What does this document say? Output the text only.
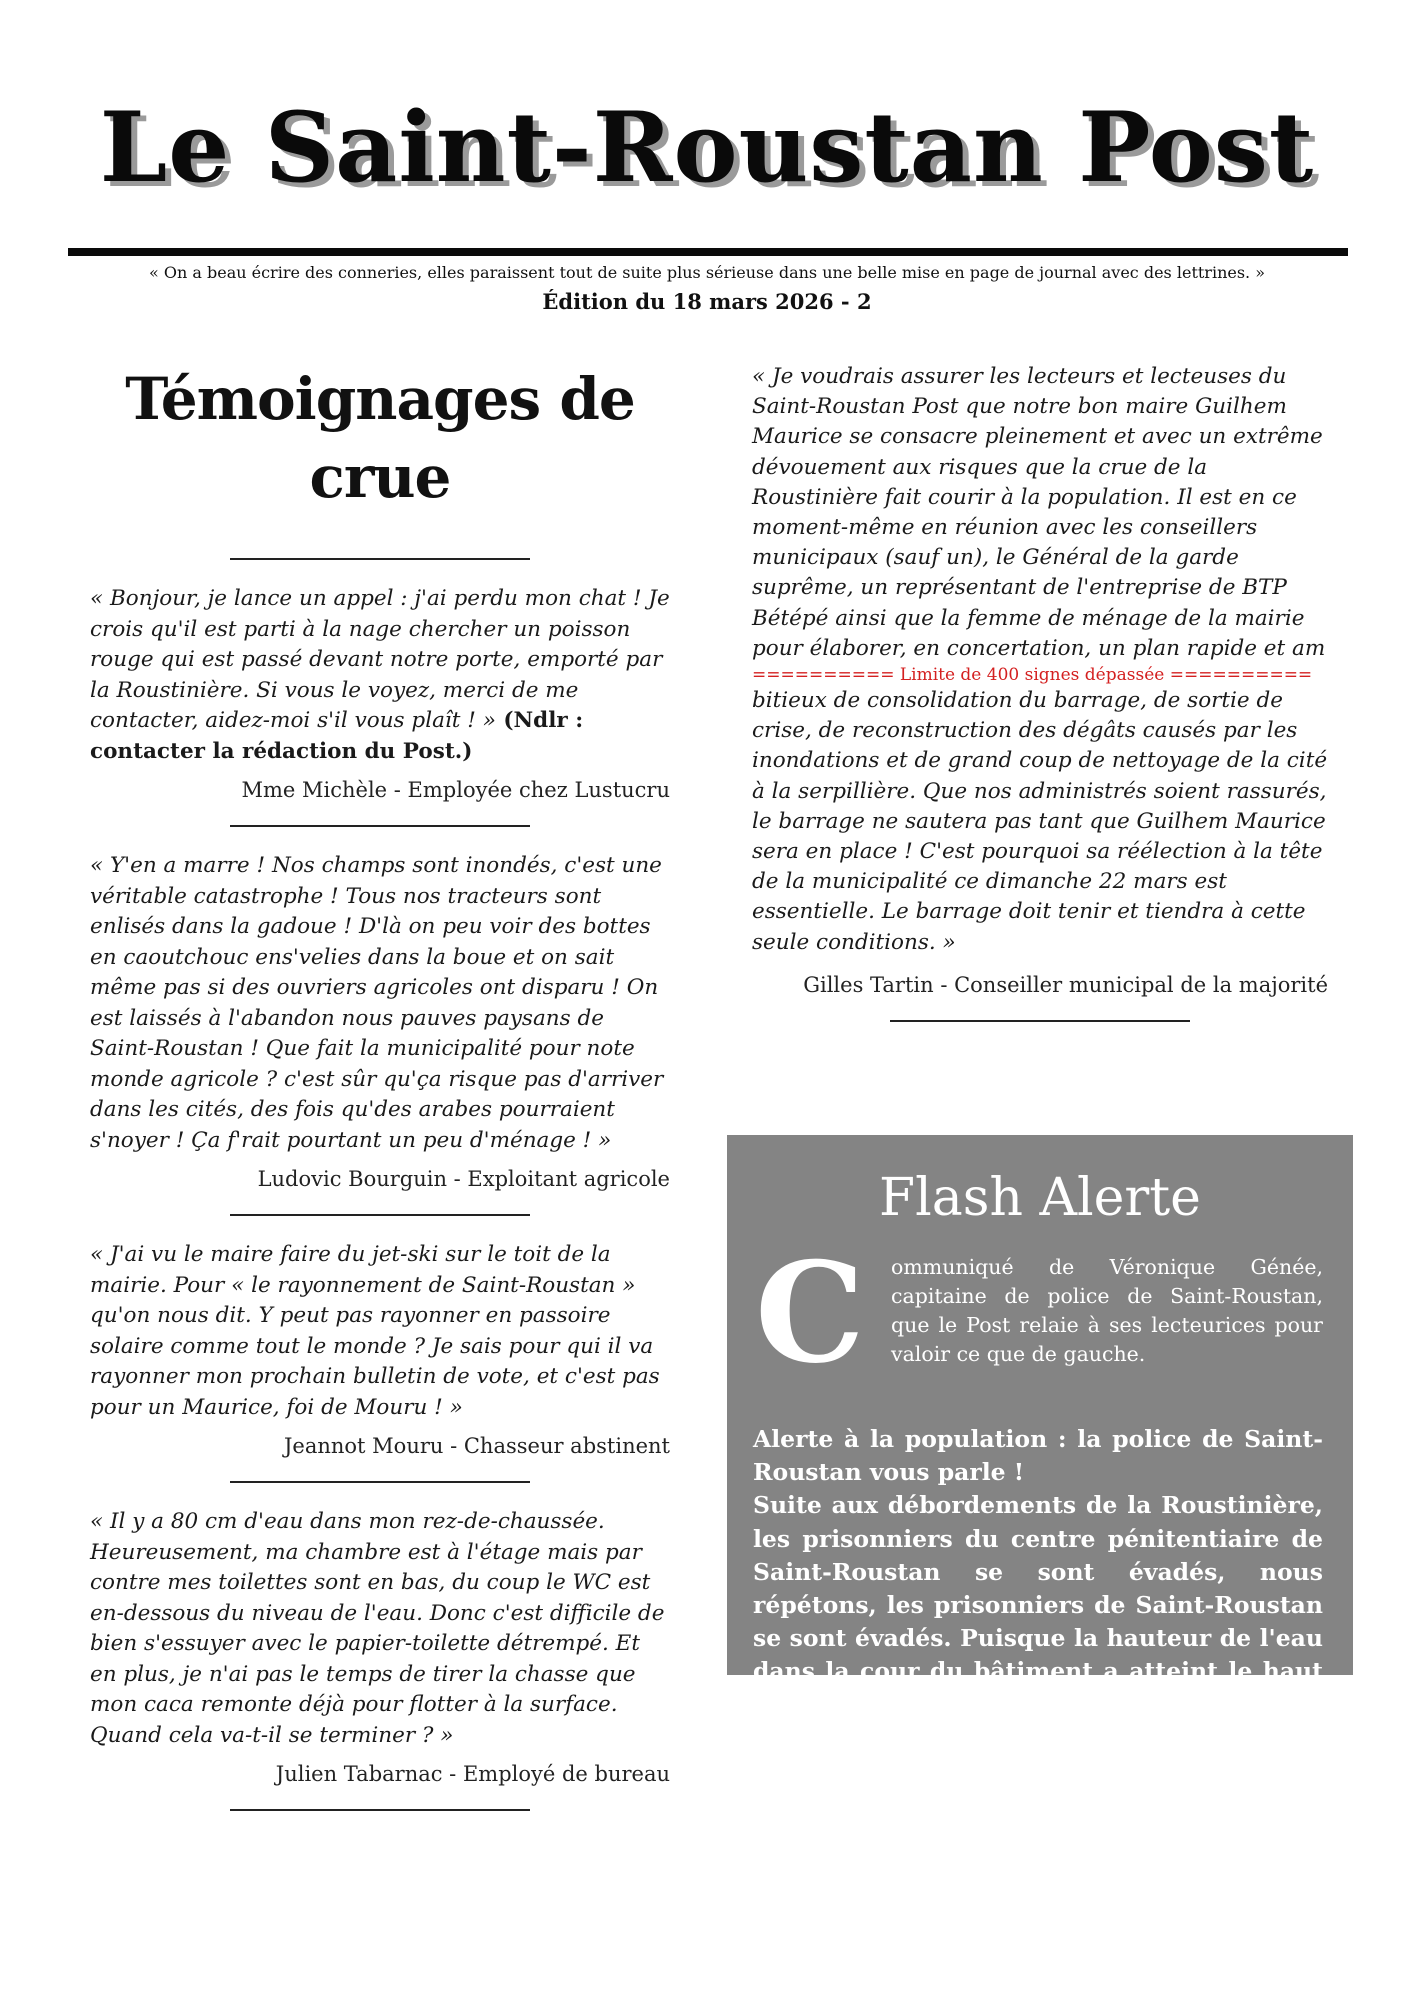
Le Saint-Roustan Post
« On a beau écrire des conneries, elles paraissent tout de suite plus sérieuse dans une belle mise en page de journal avec des lettrines. »
Édition du 18 mars 2026 - 2
Témoignages de crue

« Bonjour, je lance un appel : j'ai perdu mon chat ! Je crois qu'il est parti à la nage chercher un poisson rouge qui est passé devant notre porte, emporté par la Roustinière. Si vous le voyez, merci de me contacter, aidez-moi s'il vous plaît ! » (Ndlr : contacter la rédaction du Post.)

Mme Michèle - Employée chez Lustucru

« Y'en a marre ! Nos champs sont inondés, c'est une véritable catastrophe ! Tous nos tracteurs sont enlisés dans la gadoue ! D'là on peu voir des bottes en caoutchouc ens'velies dans la boue et on sait même pas si des ouvriers agricoles ont disparu ! On est laissés à l'abandon nous pauves paysans de Saint-Roustan ! Que fait la municipalité pour note monde agricole ? c'est sûr qu'ça risque pas d'arriver dans les cités, des fois qu'des arabes pourraient s'noyer ! Ça f'rait pourtant un peu d'ménage ! »

Ludovic Bourguin - Exploitant agricole

« J'ai vu le maire faire du jet-ski sur le toit de la mairie. Pour « le rayonnement de Saint-Roustan » qu'on nous dit. Y peut pas rayonner en passoire solaire comme tout le monde ? Je sais pour qui il va rayonner mon prochain bulletin de vote, et c'est pas pour un Maurice, foi de Mouru ! »

Jeannot Mouru - Chasseur abstinent

« Il y a 80 cm d'eau dans mon rez-de-chaussée. Heureusement, ma chambre est à l'étage mais par contre mes toilettes sont en bas, du coup le WC est en-dessous du niveau de l'eau. Donc c'est difficile de bien s'essuyer avec le papier-toilette détrempé. Et en plus, je n'ai pas le temps de tirer la chasse que mon caca remonte déjà pour flotter à la surface. Quand cela va-t-il se terminer ? »

Julien Tabarnac - Employé de bureau

« Je voudrais assurer les lecteurs et lecteuses du Saint-Roustan Post que notre bon maire Guilhem Maurice se consacre pleinement et avec un extrême dévouement aux risques que la crue de la Roustinière fait courir à la population. Il est en ce moment-même en réunion avec les conseillers municipaux (sauf un), le Général de la garde suprême, un représentant de l'entreprise de BTP Bétépé ainsi que la femme de ménage de la mairie pour élaborer, en concertation, un plan rapide et am

========== Limite de 400 signes dépassée ==========

bitieux de consolidation du barrage, de sortie de crise, de reconstruction des dégâts causés par les inondations et de grand coup de nettoyage de la cité à la serpillière. Que nos administrés soient rassurés, le barrage ne sautera pas tant que Guilhem Maurice sera en place ! C'est pourquoi sa réélection à la tête de la municipalité ce dimanche 22 mars est essentielle. Le barrage doit tenir et tiendra à cette seule conditions. »

Gilles Tartin - Conseiller municipal de la majorité
Flash Alerte
C ommuniqué de Véronique Génée, capitaine de police de Saint-Roustan, que le Post relaie à ses lecteurices pour valoir ce que de gauche.

Alerte à la population : la police de Saint-Roustan vous parle !

Suite aux débordements de la Roustinière, les prisonniers du centre pénitentiaire de Saint-Roustan se sont évadés, nous répétons, les prisonniers de Saint-Roustan se sont évadés. Puisque la hauteur de l'eau dans la cour du bâtiment a atteint le haut de l'enceinte, ils n'ont eu qu'à nager vers l'extérieur. Attention, certains d'entre eux sont armés de fourchettes à escargots, restez toutes et tous très prudents !
